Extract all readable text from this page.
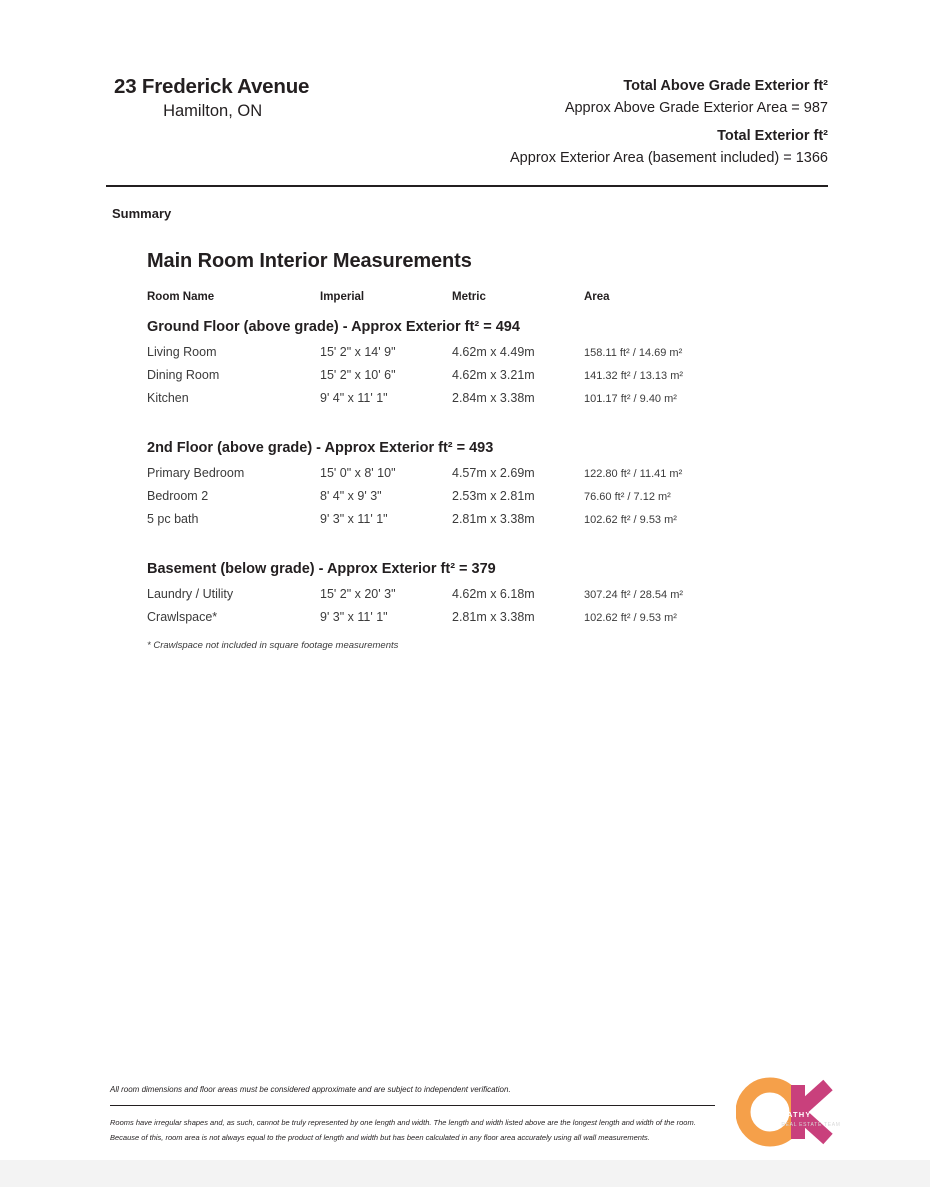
23 Frederick Avenue
Hamilton, ON
Total Above Grade Exterior ft²
Approx Above Grade Exterior Area = 987
Total Exterior ft²
Approx Exterior Area (basement included) = 1366
Summary
Main Room Interior Measurements
Room Name	Imperial	Metric	Area
Ground Floor (above grade) - Approx Exterior ft² = 494
Living Room	15' 2" x 14' 9"	4.62m x 4.49m	158.11 ft² / 14.69 m²
Dining Room	15' 2" x 10' 6"	4.62m x 3.21m	141.32 ft² / 13.13 m²
Kitchen	9' 4" x 11' 1"	2.84m x 3.38m	101.17 ft² / 9.40 m²
2nd Floor (above grade) - Approx Exterior ft² = 493
Primary Bedroom	15' 0" x 8' 10"	4.57m x 2.69m	122.80 ft² / 11.41 m²
Bedroom 2	8' 4" x 9' 3"	2.53m x 2.81m	76.60 ft² / 7.12 m²
5 pc bath	9' 3" x 11' 1"	2.81m x 3.38m	102.62 ft² / 9.53 m²
Basement (below grade) - Approx Exterior ft² = 379
Laundry / Utility	15' 2" x 20' 3"	4.62m x 6.18m	307.24 ft² / 28.54 m²
Crawlspace*	9' 3" x 11' 1"	2.81m x 3.38m	102.62 ft² / 9.53 m²
* Crawlspace not included in square footage measurements
All room dimensions and floor areas must be considered approximate and are subject to independent verification.
Rooms have irregular shapes and, as such, cannot be truly represented by one length and width. The length and width listed above are the longest length and width of the room.
Because of this, room area is not always equal to the product of length and width but has been calculated in any floor area accurately using all wall measurements.
CATHY KOOP
REAL ESTATE TEAM
